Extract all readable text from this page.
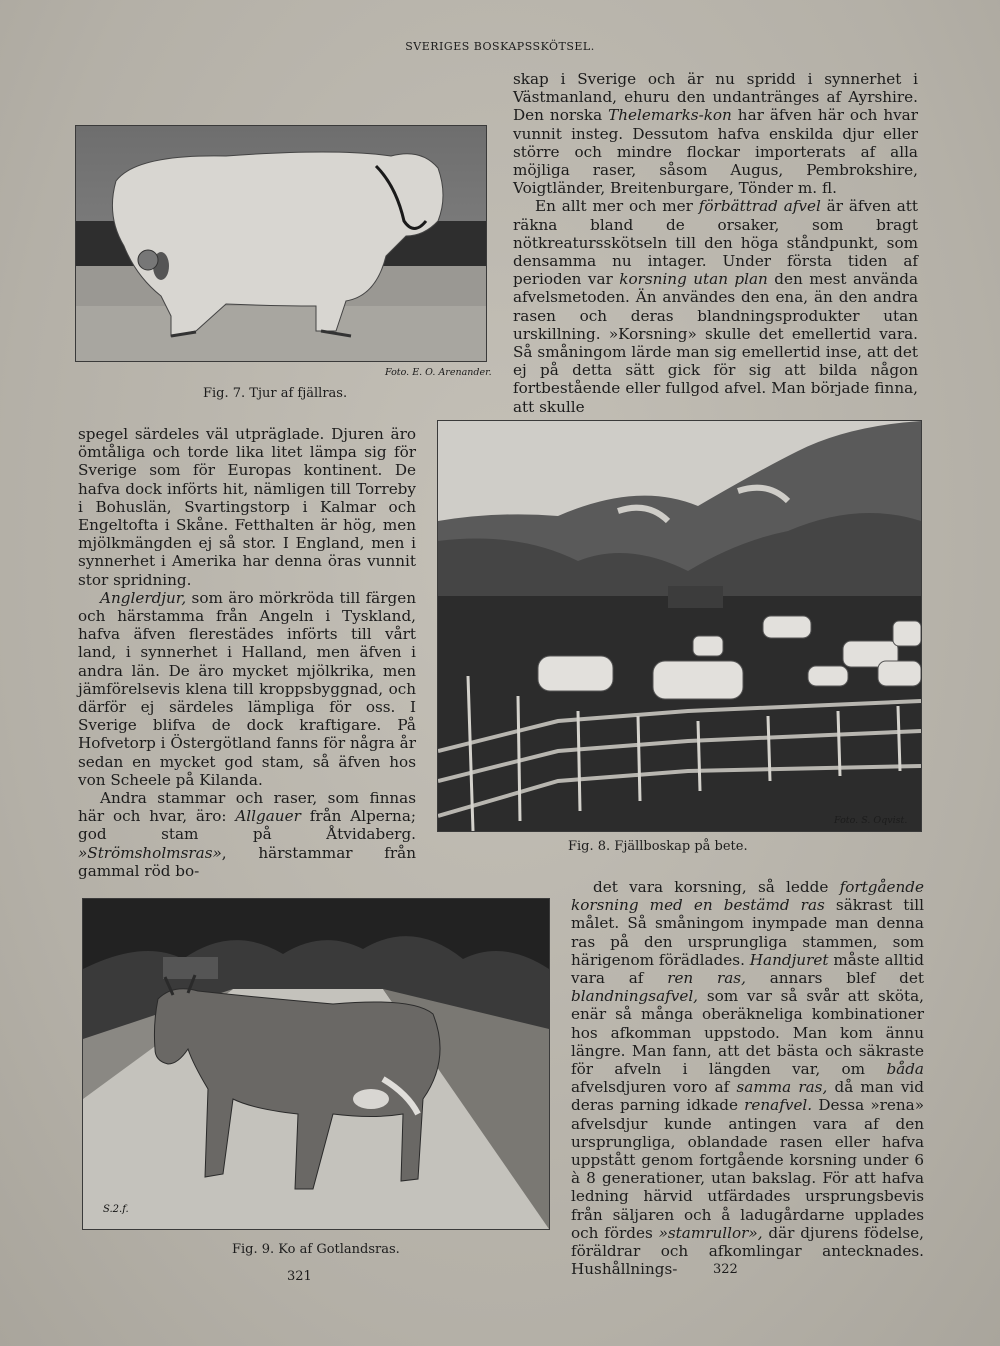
SVERIGES BOSKAPSSKÖTSEL.
Foto. E. O. Arenander.
Fig. 7. Tjur af fjällras.

skap i Sverige och är nu spridd i synnerhet i Västmanland, ehuru den undantränges af Ayrshire. Den norska Thelemarks-kon har äfven här och hvar vunnit insteg. Dessutom hafva enskilda djur eller större och mindre flockar importerats af alla möjliga raser, såsom Augus, Pembrokshire, Voigtländer, Breitenburgare, Tönder m. fl.

En allt mer och mer förbättrad afvel är äfven att räkna bland de orsaker, som bragt nötkreatursskötseln till den höga ståndpunkt, som densamma nu intager. Under första tiden af perioden var korsning utan plan den mest använda afvelsmetoden. Än användes den ena, än den andra rasen och deras blandningsprodukter utan urskillning. »Korsning» skulle det emellertid vara. Så småningom lärde man sig emellertid inse, att det ej på detta sätt gick för sig att bilda någon fortbestående eller fullgod afvel. Man började finna, att skulle

spegel särdeles väl utpräglade. Djuren äro ömtåliga och torde lika litet lämpa sig för Sverige som för Europas kontinent. De hafva dock införts hit, nämligen till Torreby i Bohuslän, Svartingstorp i Kalmar och Engeltofta i Skåne. Fetthalten är hög, men mjölkmängden ej så stor. I England, men i synnerhet i Amerika har denna öras vunnit stor spridning.

Anglerdjur, som äro mörkröda till färgen och härstamma från Angeln i Tyskland, hafva äfven flerestädes införts till vårt land, i synnerhet i Halland, men äfven i andra län. De äro mycket mjölkrika, men jämförelsevis klena till kroppsbyggnad, och därför ej särdeles lämpliga för oss. I Sverige blifva de dock kraftigare. På Hofvetorp i Östergötland fanns för några år sedan en mycket god stam, så äfven hos von Scheele på Kilanda.

Andra stammar och raser, som finnas här och hvar, äro: Allgauer från Alperna; god stam på Åtvidaberg. »Strömsholmsras», härstammar från gammal röd bo-

Foto. S. Oqvist.
Fig. 8. Fjällboskap på bete.
S.2.f.
Fig. 9. Ko af Gotlandsras.

det vara korsning, så ledde fortgående korsning med en bestämd ras säkrast till målet. Så småningom inympade man denna ras på den ursprungliga stammen, som härigenom förädlades. Handjuret måste alltid vara af ren ras, annars blef det blandningsafvel, som var så svår att sköta, enär så många oberäkneliga kombinationer hos afkomman uppstodo. Man kom ännu längre. Man fann, att det bästa och säkraste för afveln i längden var, om båda afvelsdjuren voro af samma ras, då man vid deras parning idkade renafvel. Dessa »rena» afvelsdjur kunde antingen vara af den ursprungliga, oblandade rasen eller hafva uppstått genom fortgående korsning under 6 à 8 generationer, utan bakslag. För att hafva ledning härvid utfärdades ursprungsbevis från säljaren och å ladugårdarne upplades och fördes »stamrullor», där djurens födelse, föräldrar och afkomlingar antecknades. Hushållnings-

321	322
